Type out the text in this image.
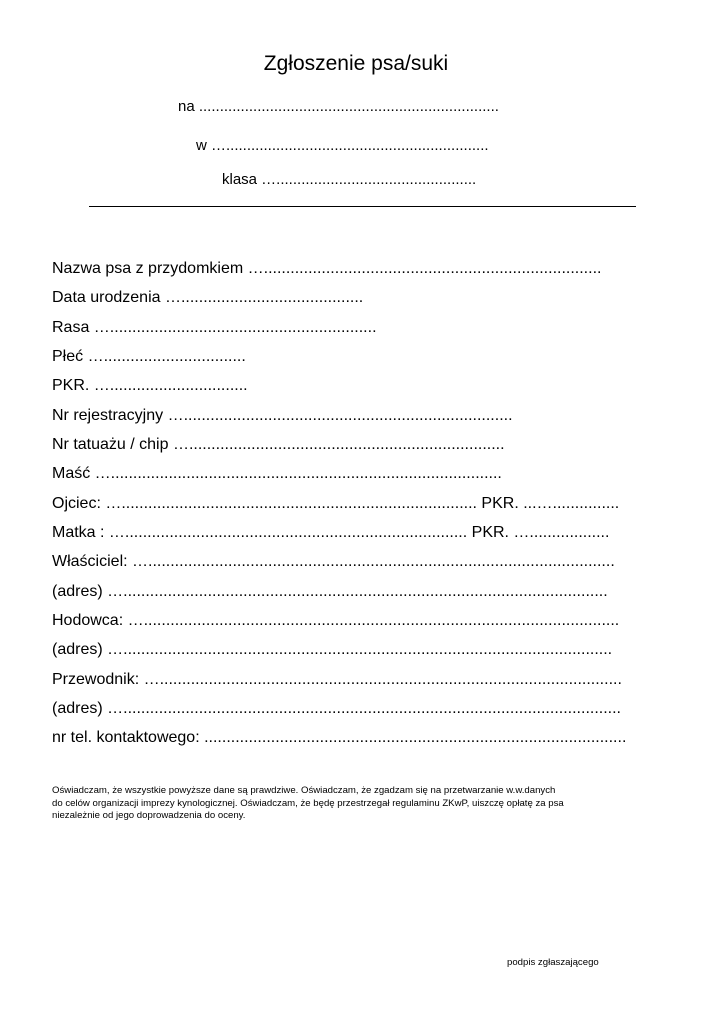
Zgłoszenie psa/suki
na ........................................................................
w …...............................................................
klasa …................................................
Nazwa psa z przydomkiem …............................................................................
Data urodzenia ….........................................
Rasa …............................................................
Płeć …................................
PKR. …...............................
Nr rejestracyjny …..........................................................................
Nr tatuażu / chip ….......................................................................
Maść …........................................................................................
Ojciec: …................................................................................ PKR. ...…...............
Matka : …............................................................................. PKR. …..................
Właściciel: ….........................................................................................................
(adres) ….............................................................................................................
Hodowca: …...........................................................................................................
(adres) …..............................................................................................................
Przewodnik: …........................................................................................................
(adres) …................................................................................................................
nr tel. kontaktowego: ...............................................................................................

Oświadczam, że wszystkie powyższe dane są prawdziwe. Oświadczam, że zgadzam się na przetwarzanie w.w.danych

do celów organizacji imprezy kynologicznej. Oświadczam, że będę przestrzegał regulaminu ZKwP, uiszczę opłatę za psa

niezależnie od jego doprowadzenia do oceny.

podpis zgłaszającego
